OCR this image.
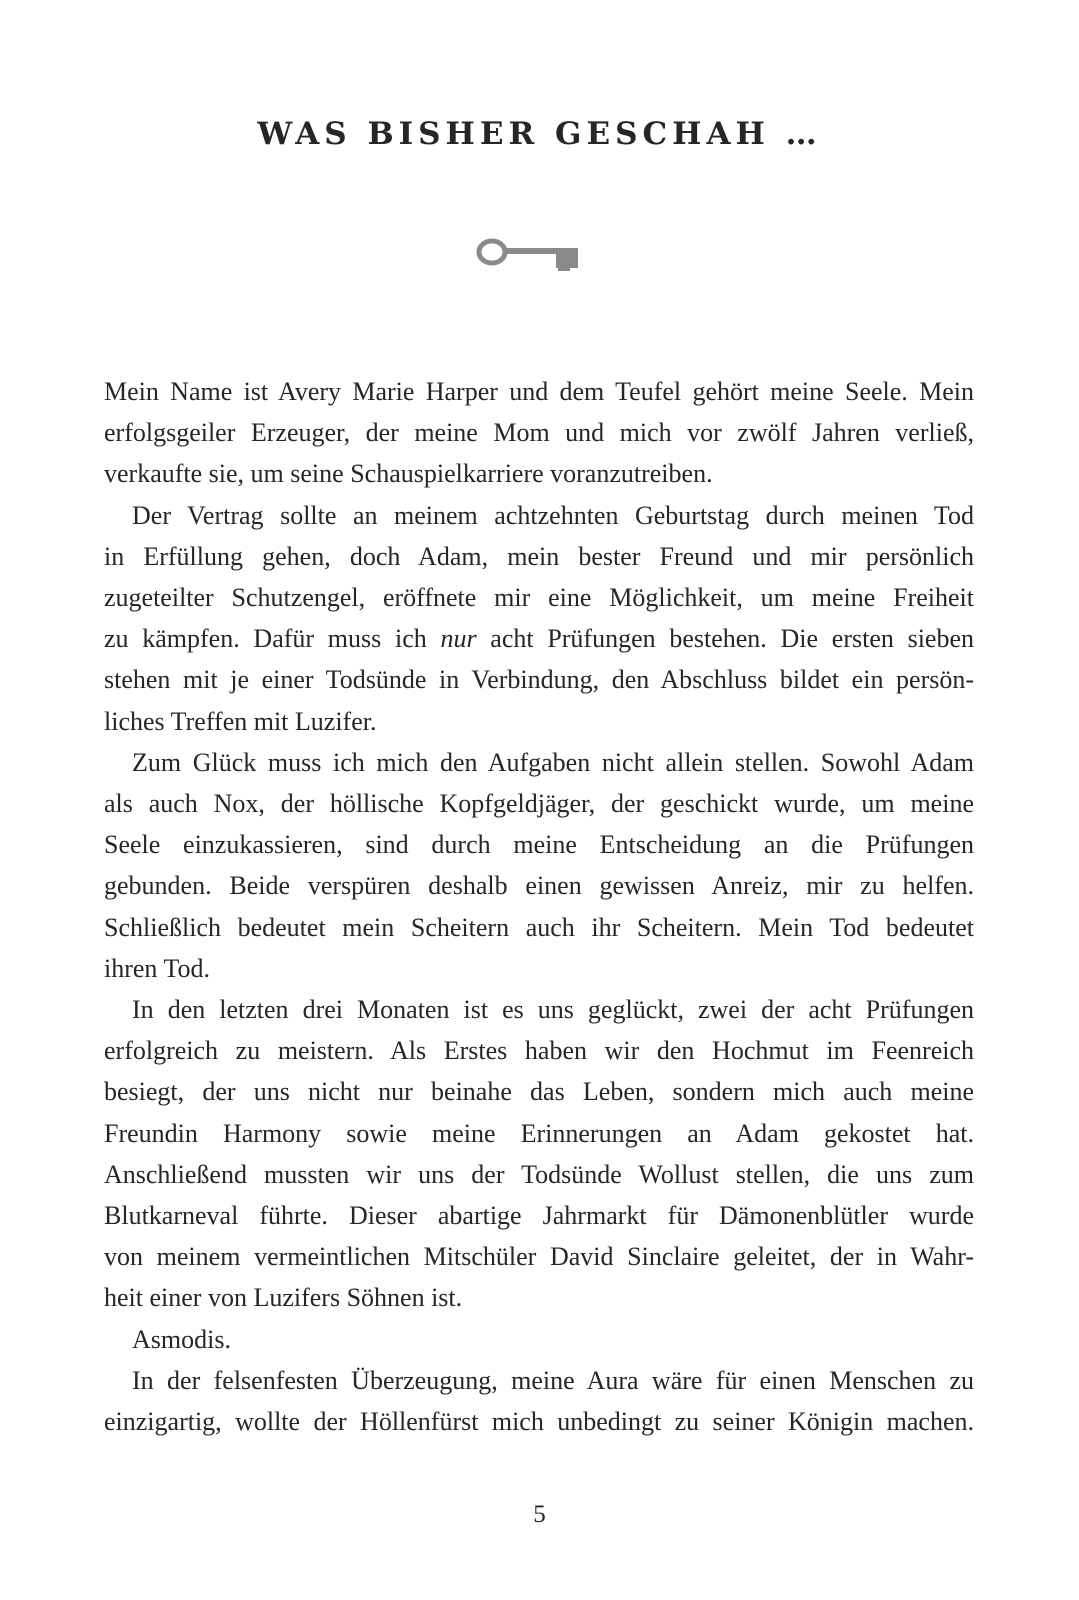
WAS BISHER GESCHAH …
Mein Name ist Avery Marie Harper und dem Teufel gehört meine Seele. Mein
erfolgsgeiler Erzeuger, der meine Mom und mich vor zwölf Jahren verließ,
verkaufte sie, um seine Schauspielkarriere voranzutreiben.
Der Vertrag sollte an meinem achtzehnten Geburtstag durch meinen Tod
in Erfüllung gehen, doch Adam, mein bester Freund und mir persönlich
zugeteilter Schutzengel, eröffnete mir eine Möglichkeit, um meine Freiheit
zu kämpfen. Dafür muss ich nur acht Prüfungen bestehen. Die ersten sieben
stehen mit je einer Todsünde in Verbindung, den Abschluss bildet ein persön-
liches Treffen mit Luzifer.
Zum Glück muss ich mich den Aufgaben nicht allein stellen. Sowohl Adam
als auch Nox, der höllische Kopfgeldjäger, der geschickt wurde, um meine
Seele einzukassieren, sind durch meine Entscheidung an die Prüfungen
gebunden. Beide verspüren deshalb einen gewissen Anreiz, mir zu helfen.
Schließlich bedeutet mein Scheitern auch ihr Scheitern. Mein Tod bedeutet
ihren Tod.
In den letzten drei Monaten ist es uns geglückt, zwei der acht Prüfungen
erfolgreich zu meistern. Als Erstes haben wir den Hochmut im Feenreich
besiegt, der uns nicht nur beinahe das Leben, sondern mich auch meine
Freundin Harmony sowie meine Erinnerungen an Adam gekostet hat.
Anschließend mussten wir uns der Todsünde Wollust stellen, die uns zum
Blutkarneval führte. Dieser abartige Jahrmarkt für Dämonenblütler wurde
von meinem vermeintlichen Mitschüler David Sinclaire geleitet, der in Wahr-
heit einer von Luzifers Söhnen ist.
Asmodis.
In der felsenfesten Überzeugung, meine Aura wäre für einen Menschen zu
einzigartig, wollte der Höllenfürst mich unbedingt zu seiner Königin machen.
5
